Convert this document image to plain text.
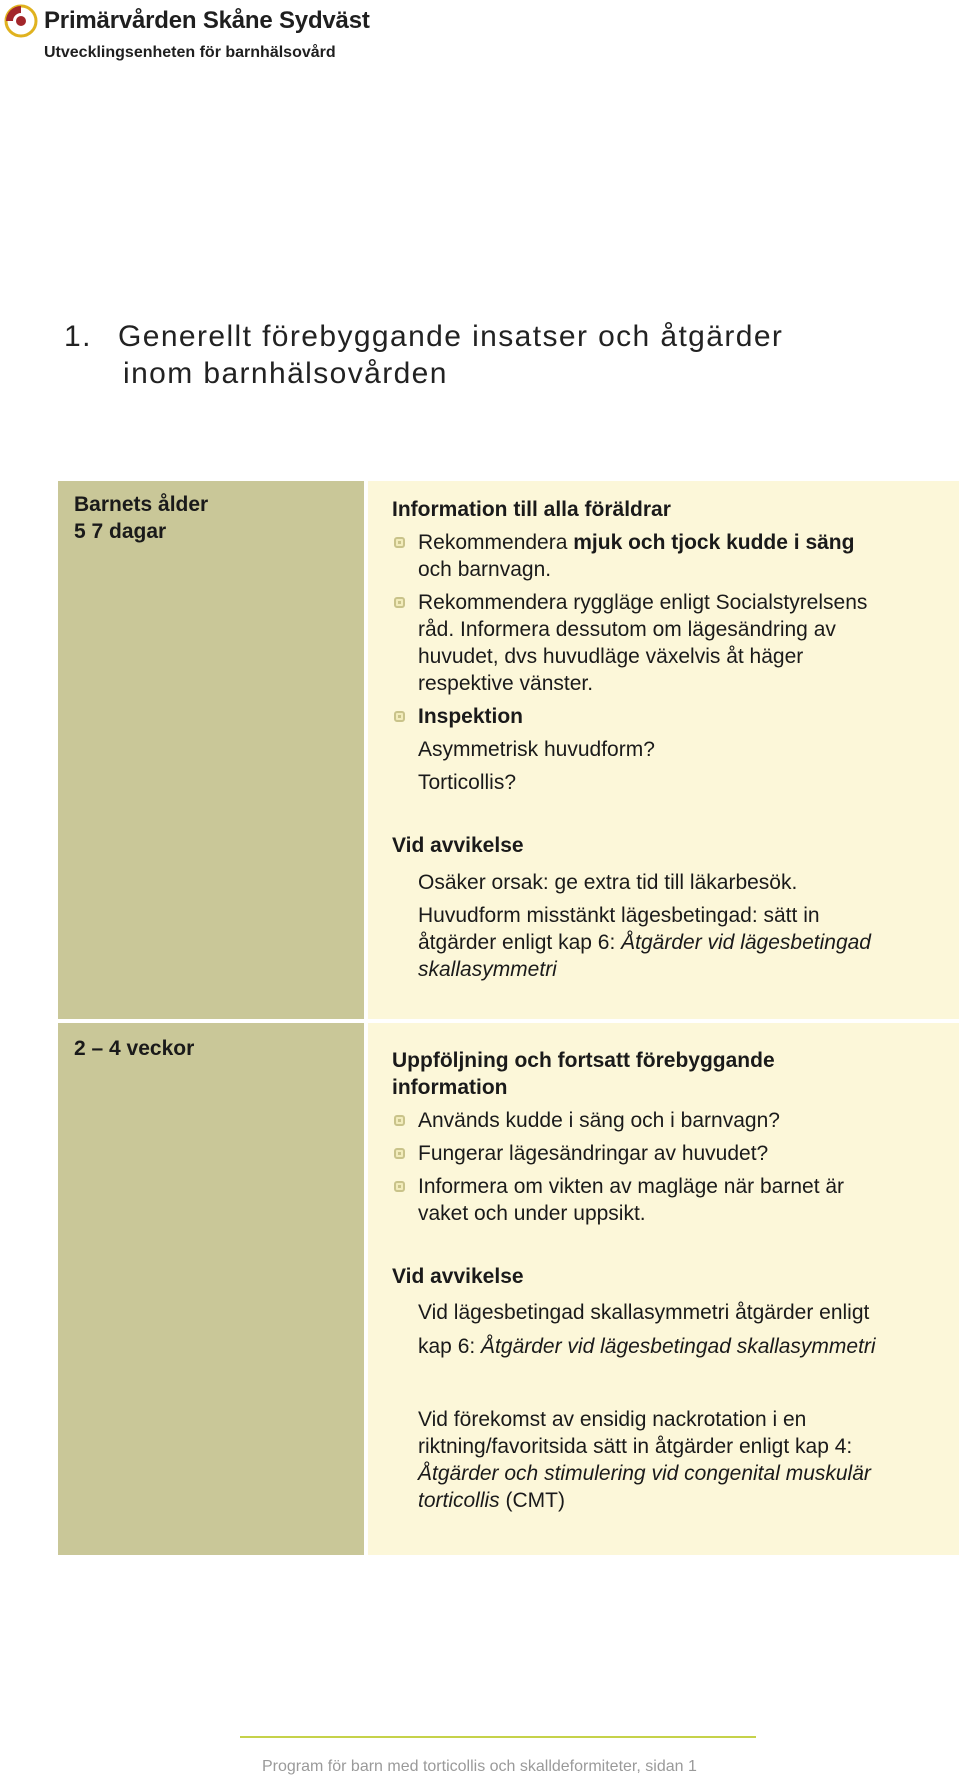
Primärvården Skåne Sydväst
Utvecklingsenheten för barnhälsovård
1. Generellt förebyggande insatser och åtgärder
inom barnhälsovården
Barnets ålder
5 7 dagar
Information till alla föräldrar
Rekommendera mjuk och tjock kudde i säng
och barnvagn.
Rekommendera rygglägе enligt Socialstyrelsens
råd. Informera dessutom om lägesändring av
huvudet, dvs huvudläge växelvis åt häger
respektive vänster.
Inspektion
Asymmetrisk huvudform?
Torticollis?
Vid avvikelse
Osäker orsak: ge extra tid till läkarbesök.
Huvudform misstänkt lägesbetingad: sätt in
åtgärder enligt kap 6: Åtgärder vid lägesbetingad
skallasymmetri
2 – 4 veckor
Uppföljning och fortsatt förebyggande
information
Används kudde i säng och i barnvagn?
Fungerar lägesändringar av huvudet?
Informera om vikten av magläge när barnet är
vaket och under uppsikt.
Vid avvikelse
Vid lägesbetingad skallasymmetri åtgärder enligt
kap 6: Åtgärder vid lägesbetingad skallasymmetri
Vid förekomst av ensidig nackrotation i en
riktning/favoritsida sätt in åtgärder enligt kap 4:
Åtgärder och stimulering vid congenital muskulär
torticollis (CMT)
Program för barn med torticollis och skalldeformiteter, sidan 1
